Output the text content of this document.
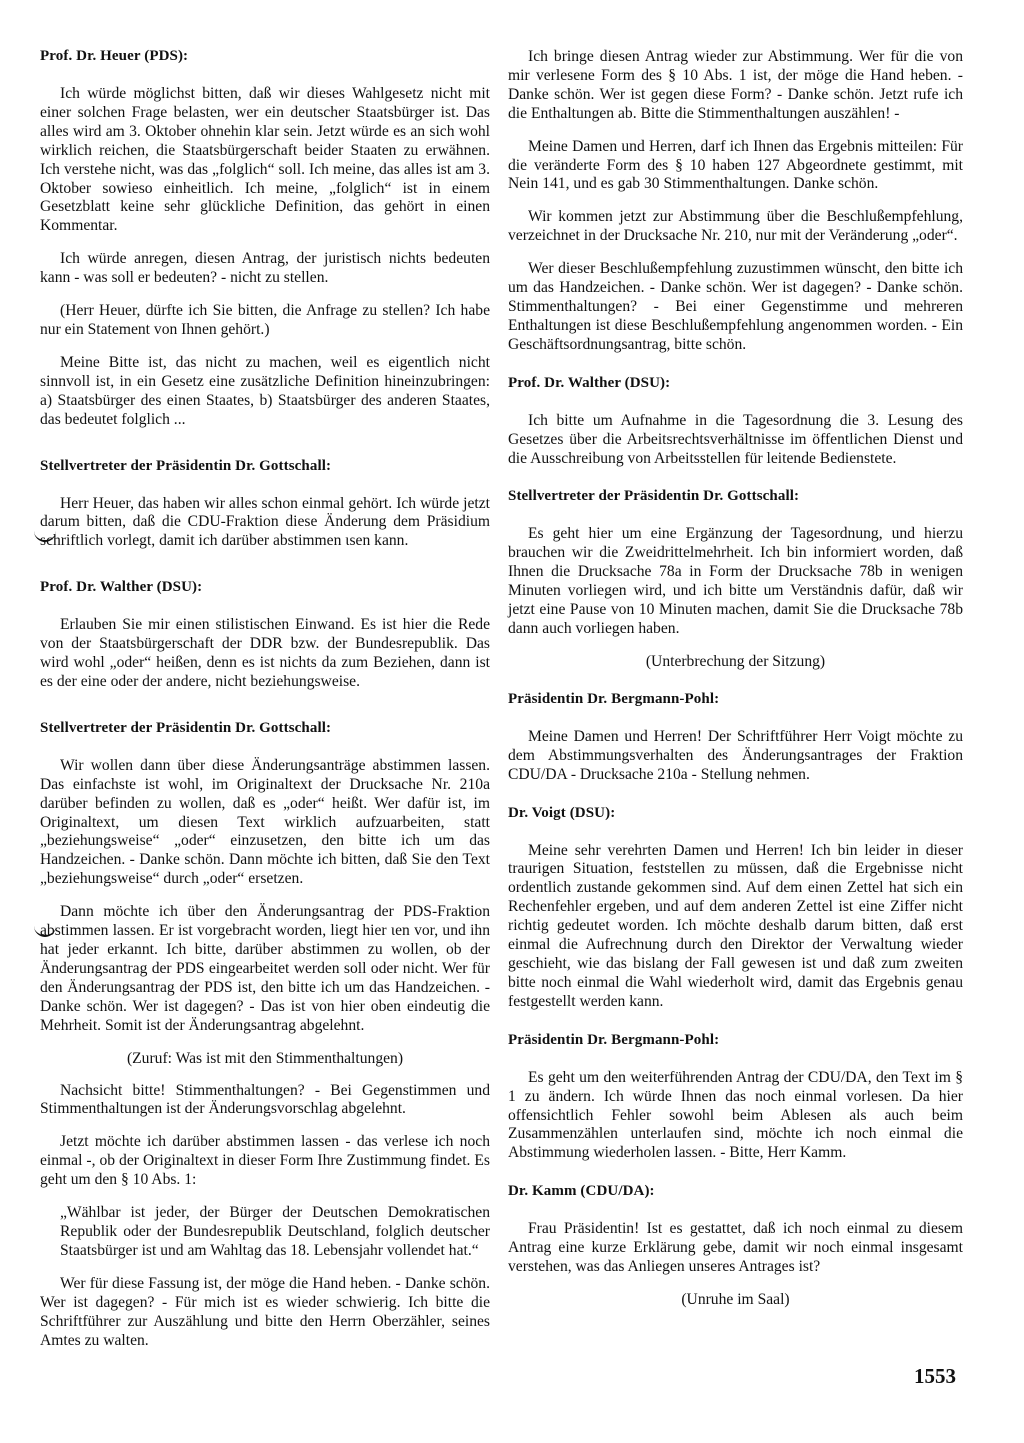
Prof. Dr. Heuer (PDS):
Ich würde möglichst bitten, daß wir dieses Wahlgesetz nicht mit einer solchen Frage belasten, wer ein deutscher Staatsbürger ist. Das alles wird am 3. Oktober ohnehin klar sein. Jetzt würde es an sich wohl wirklich reichen, die Staatsbürgerschaft beider Staaten zu erwähnen. Ich verstehe nicht, was das „folglich“ soll. Ich meine, das alles ist am 3. Oktober sowieso einheitlich. Ich meine, „folglich“ ist in einem Gesetzblatt keine sehr glückliche Definition, das gehört in einen Kommentar.
Ich würde anregen, diesen Antrag, der juristisch nichts bedeuten kann - was soll er bedeuten? - nicht zu stellen.
(Herr Heuer, dürfte ich Sie bitten, die Anfrage zu stellen? Ich habe nur ein Statement von Ihnen gehört.)
Meine Bitte ist, das nicht zu machen, weil es eigentlich nicht sinnvoll ist, in ein Gesetz eine zusätzliche Definition hineinzubringen: a) Staatsbürger des einen Staates, b) Staatsbürger des anderen Staates, das bedeutet folglich ...
Stellvertreter der Präsidentin Dr. Gottschall:
Herr Heuer, das haben wir alles schon einmal gehört. Ich würde jetzt darum bitten, daß die CDU-Fraktion diese Änderung dem Präsidium schriftlich vorlegt, damit ich darüber abstimmen ɩsen kann.
Prof. Dr. Walther (DSU):
Erlauben Sie mir einen stilistischen Einwand. Es ist hier die Rede von der Staatsbürgerschaft der DDR bzw. der Bundesrepublik. Das wird wohl „oder“ heißen, denn es ist nichts da zum Beziehen, dann ist es der eine oder der andere, nicht beziehungsweise.
Stellvertreter der Präsidentin Dr. Gottschall:
Wir wollen dann über diese Änderungsanträge abstimmen lassen. Das einfachste ist wohl, im Originaltext der Drucksache Nr. 210a darüber befinden zu wollen, daß es „oder“ heißt. Wer dafür ist, im Originaltext, um diesen Text wirklich aufzuarbeiten, statt „beziehungsweise“ „oder“ einzusetzen, den bitte ich um das Handzeichen. - Danke schön. Dann möchte ich bitten, daß Sie den Text „beziehungsweise“ durch „oder“ ersetzen.
Dann möchte ich über den Änderungsantrag der PDS-Fraktion abstimmen lassen. Er ist vorgebracht worden, liegt hier ɩen vor, und ihn hat jeder erkannt. Ich bitte, darüber abstimmen zu wollen, ob der Änderungsantrag der PDS eingearbeitet werden soll oder nicht. Wer für den Änderungsantrag der PDS ist, den bitte ich um das Handzeichen. - Danke schön. Wer ist dagegen? - Das ist von hier oben eindeutig die Mehrheit. Somit ist der Änderungsantrag abgelehnt.
(Zuruf: Was ist mit den Stimmenthaltungen)
Nachsicht bitte! Stimmenthaltungen? - Bei Gegenstimmen und Stimmenthaltungen ist der Änderungsvorschlag abgelehnt.
Jetzt möchte ich darüber abstimmen lassen - das verlese ich noch einmal -, ob der Originaltext in dieser Form Ihre Zustimmung findet. Es geht um den § 10 Abs. 1:
„Wählbar ist jeder, der Bürger der Deutschen Demokratischen Republik oder der Bundesrepublik Deutschland, folglich deutscher Staatsbürger ist und am Wahltag das 18. Lebensjahr vollendet hat.“
Wer für diese Fassung ist, der möge die Hand heben. - Danke schön. Wer ist dagegen? - Für mich ist es wieder schwierig. Ich bitte die Schriftführer zur Auszählung und bitte den Herrn Oberzähler, seines Amtes zu walten.
Ich bringe diesen Antrag wieder zur Abstimmung. Wer für die von mir verlesene Form des § 10 Abs. 1 ist, der möge die Hand heben. - Danke schön. Wer ist gegen diese Form? - Danke schön. Jetzt rufe ich die Enthaltungen ab. Bitte die Stimmenthaltungen auszählen! -
Meine Damen und Herren, darf ich Ihnen das Ergebnis mitteilen: Für die veränderte Form des § 10 haben 127 Abgeordnete gestimmt, mit Nein 141, und es gab 30 Stimmenthaltungen. Danke schön.
Wir kommen jetzt zur Abstimmung über die Beschlußempfehlung, verzeichnet in der Drucksache Nr. 210, nur mit der Veränderung „oder“.
Wer dieser Beschlußempfehlung zuzustimmen wünscht, den bitte ich um das Handzeichen. - Danke schön. Wer ist dagegen? - Danke schön. Stimmenthaltungen? - Bei einer Gegenstimme und mehreren Enthaltungen ist diese Beschlußempfehlung angenommen worden. - Ein Geschäftsordnungsantrag, bitte schön.
Prof. Dr. Walther (DSU):
Ich bitte um Aufnahme in die Tagesordnung die 3. Lesung des Gesetzes über die Arbeitsrechtsverhältnisse im öffentlichen Dienst und die Ausschreibung von Arbeitsstellen für leitende Bedienstete.
Stellvertreter der Präsidentin Dr. Gottschall:
Es geht hier um eine Ergänzung der Tagesordnung, und hierzu brauchen wir die Zweidrittelmehrheit. Ich bin informiert worden, daß Ihnen die Drucksache 78a in Form der Drucksache 78b in wenigen Minuten vorliegen wird, und ich bitte um Verständnis dafür, daß wir jetzt eine Pause von 10 Minuten machen, damit Sie die Drucksache 78b dann auch vorliegen haben.
(Unterbrechung der Sitzung)
Präsidentin Dr. Bergmann-Pohl:
Meine Damen und Herren! Der Schriftführer Herr Voigt möchte zu dem Abstimmungsverhalten des Änderungsantrages der Fraktion CDU/DA - Drucksache 210a - Stellung nehmen.
Dr. Voigt (DSU):
Meine sehr verehrten Damen und Herren! Ich bin leider in dieser traurigen Situation, feststellen zu müssen, daß die Ergebnisse nicht ordentlich zustande gekommen sind. Auf dem einen Zettel hat sich ein Rechenfehler ergeben, und auf dem anderen Zettel ist eine Ziffer nicht richtig gedeutet worden. Ich möchte deshalb darum bitten, daß erst einmal die Aufrechnung durch den Direktor der Verwaltung wieder geschieht, wie das bislang der Fall gewesen ist und daß zum zweiten bitte noch einmal die Wahl wiederholt wird, damit das Ergebnis genau festgestellt werden kann.
Präsidentin Dr. Bergmann-Pohl:
Es geht um den weiterführenden Antrag der CDU/DA, den Text im § 1 zu ändern. Ich würde Ihnen das noch einmal vorlesen. Da hier offensichtlich Fehler sowohl beim Ablesen als auch beim Zusammenzählen unterlaufen sind, möchte ich noch einmal die Abstimmung wiederholen lassen. - Bitte, Herr Kamm.
Dr. Kamm (CDU/DA):
Frau Präsidentin! Ist es gestattet, daß ich noch einmal zu diesem Antrag eine kurze Erklärung gebe, damit wir noch einmal insgesamt verstehen, was das Anliegen unseres Antrages ist?
(Unruhe im Saal)
1553
